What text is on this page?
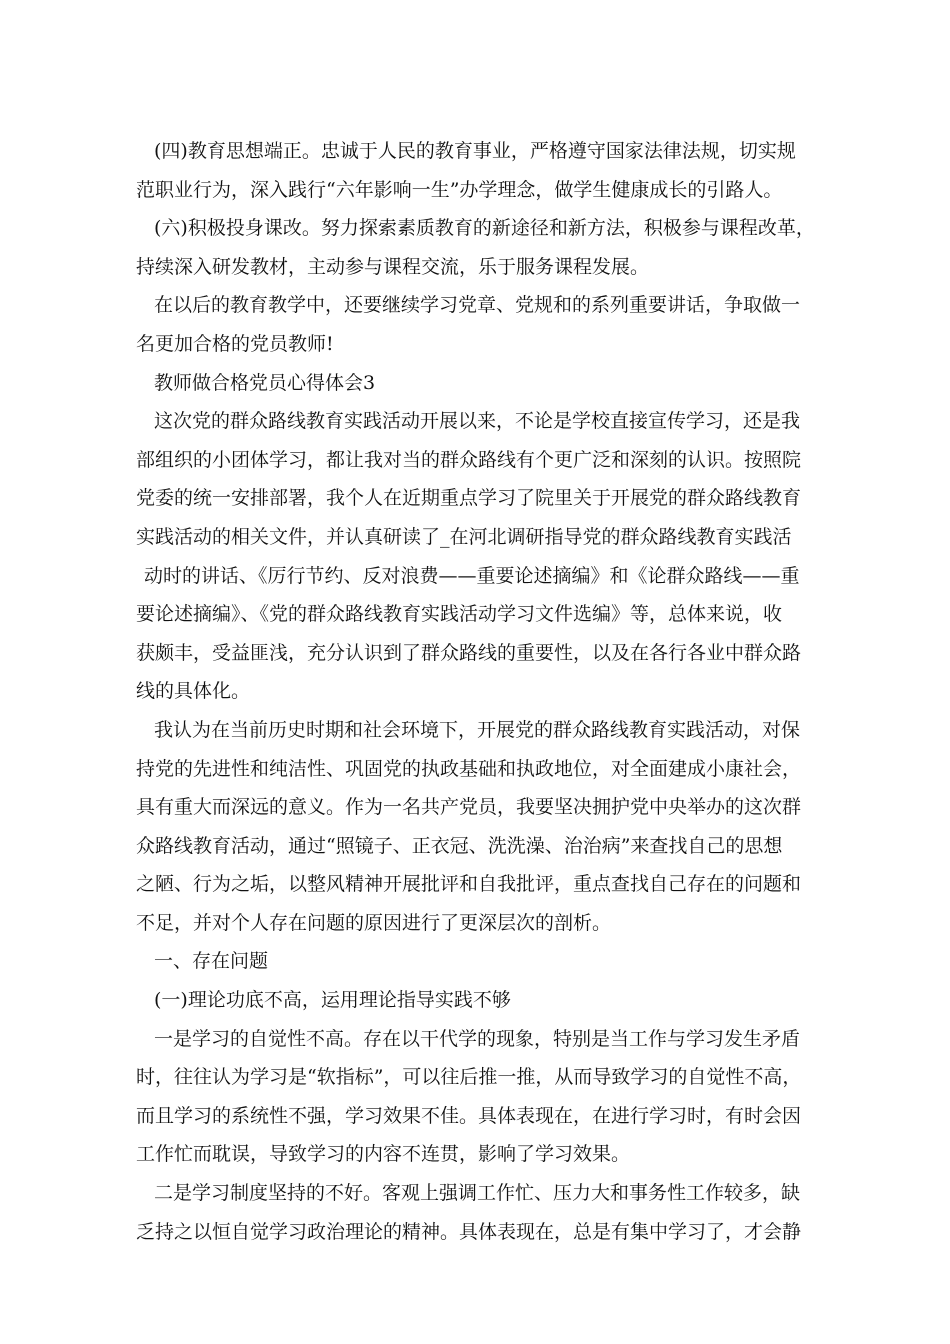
(四)教育思想端正。忠诚于人民的教育事业，严格遵守国家法律法规，切实规
范职业行为，深入践行“六年影响一生”办学理念，做学生健康成长的引路人。
(六)积极投身课改。努力探索素质教育的新途径和新方法，积极参与课程改革，
持续深入研发教材，主动参与课程交流，乐于服务课程发展。
在以后的教育教学中，还要继续学习党章、党规和的系列重要讲话，争取做一
名更加合格的党员教师!
教师做合格党员心得体会3
这次党的群众路线教育实践活动开展以来，不论是学校直接宣传学习，还是我
部组织的小团体学习，都让我对当的群众路线有个更广泛和深刻的认识。按照院
党委的统一安排部署，我个人在近期重点学习了院里关于开展党的群众路线教育
实践活动的相关文件，并认真研读了_在河北调研指导党的群众路线教育实践活
动时的讲话、《厉行节约、反对浪费——重要论述摘编》和《论群众路线——重
要论述摘编》、《党的群众路线教育实践活动学习文件选编》等，总体来说，收
获颇丰，受益匪浅，充分认识到了群众路线的重要性，以及在各行各业中群众路
线的具体化。
我认为在当前历史时期和社会环境下，开展党的群众路线教育实践活动，对保
持党的先进性和纯洁性、巩固党的执政基础和执政地位，对全面建成小康社会，
具有重大而深远的意义。作为一名共产党员，我要坚决拥护党中央举办的这次群
众路线教育活动，通过“照镜子、正衣冠、洗洗澡、治治病”来查找自己的思想
之陋、行为之垢，以整风精神开展批评和自我批评，重点查找自己存在的问题和
不足，并对个人存在问题的原因进行了更深层次的剖析。
一、存在问题
(一)理论功底不高，运用理论指导实践不够
一是学习的自觉性不高。存在以干代学的现象，特别是当工作与学习发生矛盾
时，往往认为学习是“软指标”，可以往后推一推，从而导致学习的自觉性不高，
而且学习的系统性不强，学习效果不佳。具体表现在，在进行学习时，有时会因
工作忙而耽误，导致学习的内容不连贯，影响了学习效果。
二是学习制度坚持的不好。客观上强调工作忙、压力大和事务性工作较多，缺
乏持之以恒自觉学习政治理论的精神。具体表现在，总是有集中学习了，才会静
